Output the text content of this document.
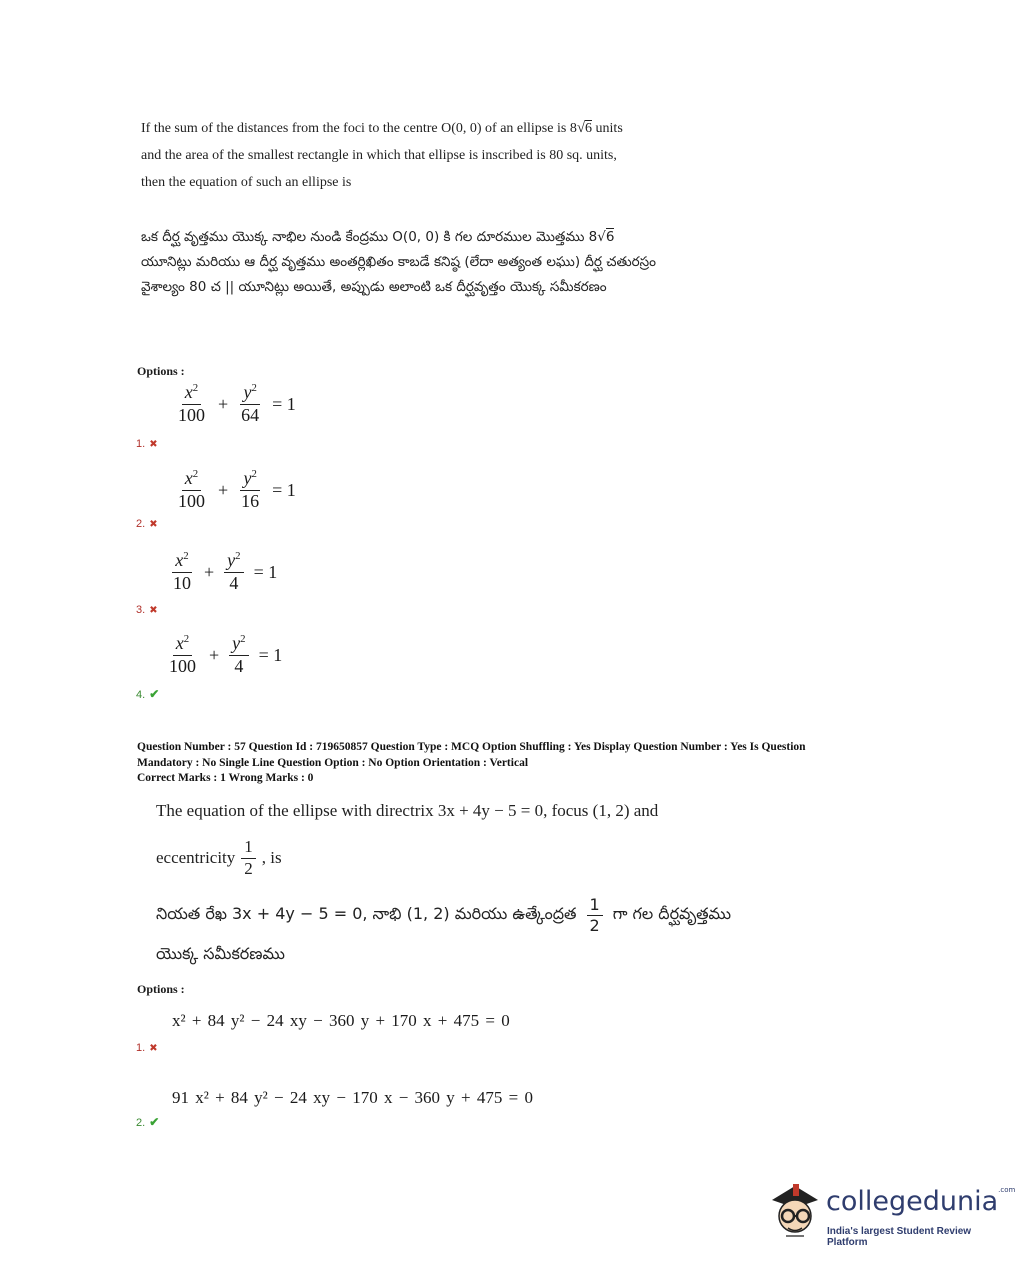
If the sum of the distances from the foci to the centre O(0, 0) of an ellipse is 8√6 units
and the area of the smallest rectangle in which that ellipse is inscribed is 80 sq. units,
then the equation of such an ellipse is
ఒక దీర్ఘ వృత్తము యొక్క నాభిల నుండి కేంద్రము O(0, 0) కి గల దూరముల మొత్తము 8√6
యూనిట్లు మరియు ఆ దీర్ఘ వృత్తము అంతర్లిఖితం కాబడే కనిష్ఠ (లేదా అత్యంత లఘు) దీర్ఘ చతురస్రం
వైశాల్యం 80 చ || యూనిట్లు అయితే, అప్పుడు అలాంటి ఒక దీర్ఘవృత్తం యొక్క సమీకరణం
Options :
$\frac{x^2}{100} + \frac{y^2}{64} = 1$
1. ✖
$\frac{x^2}{100} + \frac{y^2}{16} = 1$
2. ✖
$\frac{x^2}{10} + \frac{y^2}{4} = 1$
3. ✖
$\frac{x^2}{100} + \frac{y^2}{4} = 1$
4. ✔
Question Number : 57 Question Id : 719650857 Question Type : MCQ Option Shuffling : Yes Display Question Number : Yes Is Question
Mandatory : No Single Line Question Option : No Option Orientation : Vertical
Correct Marks : 1 Wrong Marks : 0
The equation of the ellipse with directrix 3x + 4y − 5 = 0, focus (1, 2) and
eccentricity $\frac{1}{2}$ , is
నియత రేఖ 3x + 4y − 5 = 0, నాభి (1, 2) మరియు ఉత్కేంద్రత $\frac{1}{2}$ గా గల దీర్ఘవృత్తము
యొక్క సమీకరణము
Options :
x² + 84 y² − 24 xy − 360 y + 170 x + 475 = 0
1. ✖
91 x² + 84 y² − 24 xy − 170 x − 360 y + 475 = 0
2. ✔
collegedunia$^{.com}$
India's largest Student Review Platform
